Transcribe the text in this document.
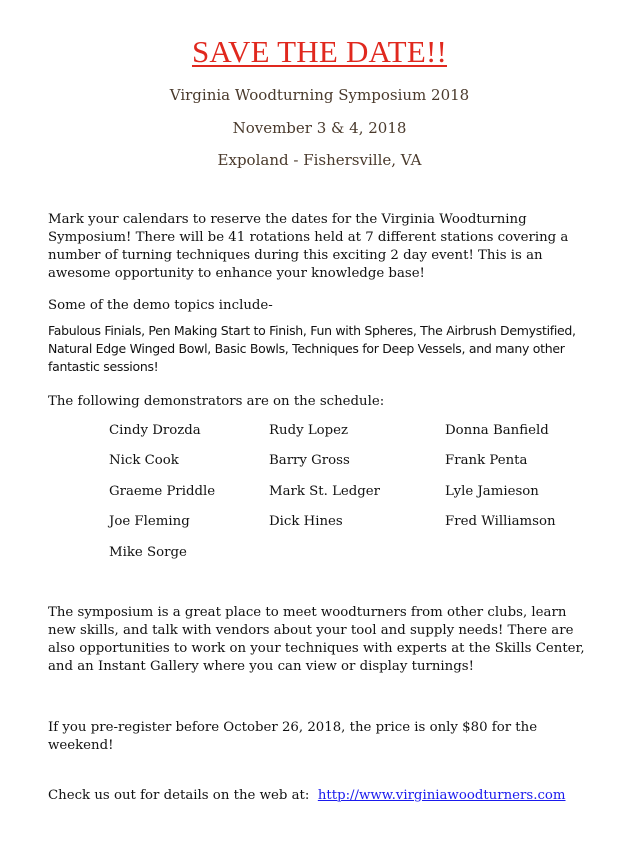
SAVE THE DATE!!
Virginia Woodturning Symposium 2018
November 3 & 4, 2018
Expoland - Fishersville, VA
Mark your calendars to reserve the dates for the Virginia Woodturning Symposium! There will be 41 rotations held at 7 different stations covering a number of turning techniques during this exciting 2 day event! This is an awesome opportunity to enhance your knowledge base!
Some of the demo topics include-
Fabulous Finials, Pen Making Start to Finish, Fun with Spheres, The Airbrush Demystified, Natural Edge Winged Bowl, Basic Bowls, Techniques for Deep Vessels, and many other fantastic sessions!
The following demonstrators are on the schedule:
Cindy Drozda	Rudy Lopez	Donna Banfield
Nick Cook	Barry Gross	Frank Penta
Graeme Priddle	Mark St. Ledger	Lyle Jamieson
Joe Fleming	Dick Hines	Fred Williamson
Mike Sorge
The symposium is a great place to meet woodturners from other clubs, learn new skills, and talk with vendors about your tool and supply needs! There are also opportunities to work on your techniques with experts at the Skills Center, and an Instant Gallery where you can view or display turnings!
If you pre-register before October 26, 2018, the price is only $80 for the weekend!
Check us out for details on the web at:  http://www.virginiawoodturners.com
